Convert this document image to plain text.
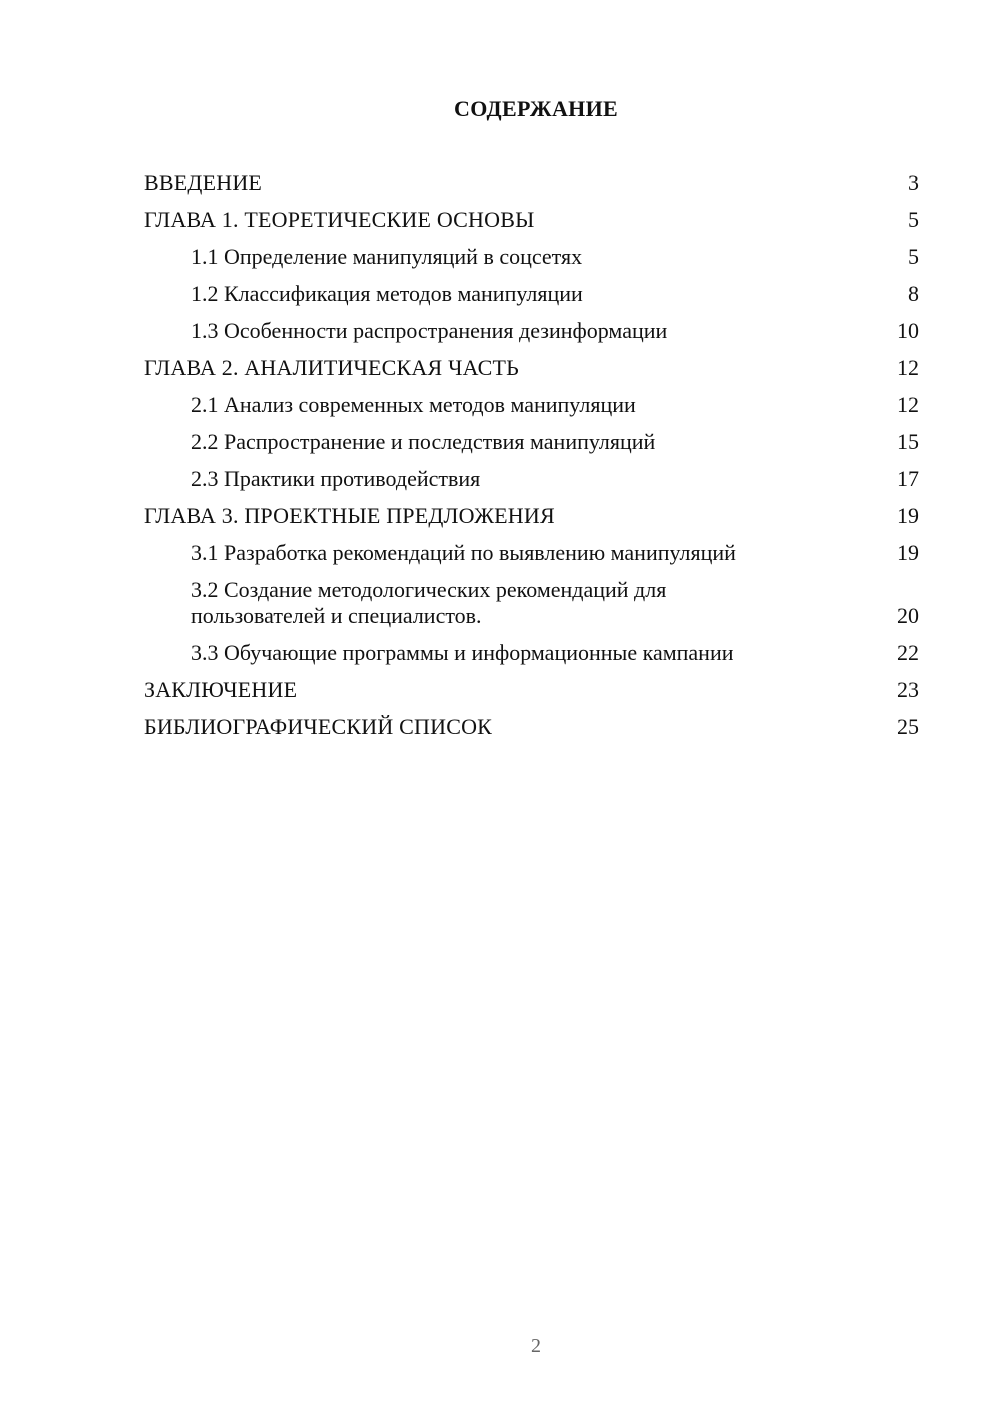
СОДЕРЖАНИЕ
ВВЕДЕНИЕ	3
ГЛАВА 1. ТЕОРЕТИЧЕСКИЕ ОСНОВЫ	5
1.1 Определение манипуляций в соцсетях	5
1.2 Классификация методов манипуляции	8
1.3 Особенности распространения дезинформации	10
ГЛАВА 2. АНАЛИТИЧЕСКАЯ ЧАСТЬ	12
2.1 Анализ современных методов манипуляции	12
2.2 Распространение и последствия манипуляций	15
2.3 Практики противодействия	17
ГЛАВА 3. ПРОЕКТНЫЕ ПРЕДЛОЖЕНИЯ	19
3.1 Разработка рекомендаций по выявлению манипуляций	19
3.2 Создание методологических рекомендаций для пользователей и специалистов.	20
3.3 Обучающие программы и информационные кампании	22
ЗАКЛЮЧЕНИЕ	23
БИБЛИОГРАФИЧЕСКИЙ СПИСОК	25
2
